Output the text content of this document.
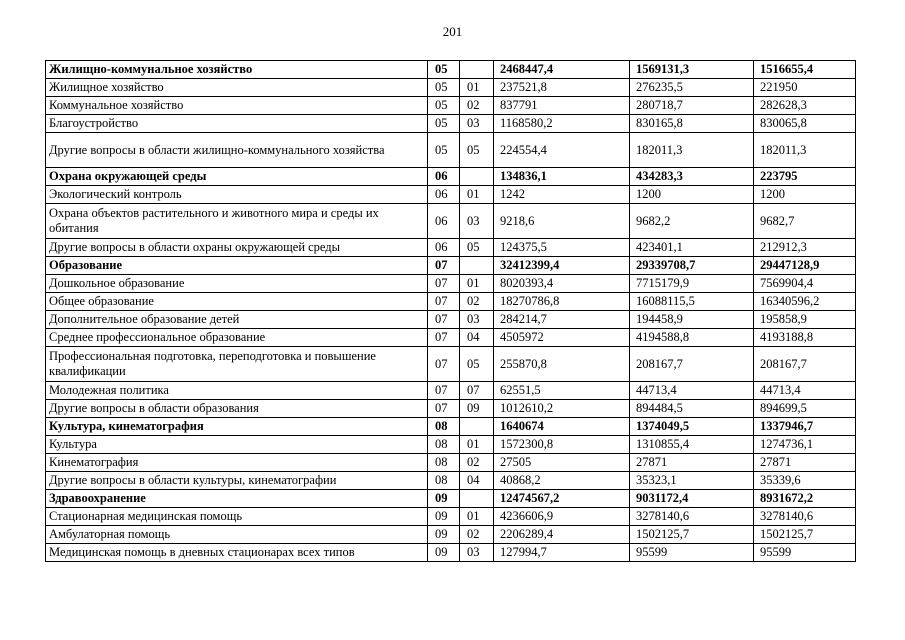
201
Жилищно-коммунальное хозяйство	05		2468447,4	1569131,3	1516655,4
Жилищное хозяйство	05	01	237521,8	276235,5	221950
Коммунальное хозяйство	05	02	837791	280718,7	282628,3
Благоустройство	05	03	1168580,2	830165,8	830065,8
Другие вопросы в области жилищно-коммунального хозяйства	05	05	224554,4	182011,3	182011,3
Охрана окружающей среды	06		134836,1	434283,3	223795
Экологический контроль	06	01	1242	1200	1200
Охрана объектов растительного и животного мира и среды их обитания	06	03	9218,6	9682,2	9682,7
Другие вопросы в области охраны окружающей среды	06	05	124375,5	423401,1	212912,3
Образование	07		32412399,4	29339708,7	29447128,9
Дошкольное образование	07	01	8020393,4	7715179,9	7569904,4
Общее образование	07	02	18270786,8	16088115,5	16340596,2
Дополнительное образование детей	07	03	284214,7	194458,9	195858,9
Среднее профессиональное образование	07	04	4505972	4194588,8	4193188,8
Профессиональная подготовка, переподготовка и повышение квалификации	07	05	255870,8	208167,7	208167,7
Молодежная политика	07	07	62551,5	44713,4	44713,4
Другие вопросы в области образования	07	09	1012610,2	894484,5	894699,5
Культура, кинематография	08		1640674	1374049,5	1337946,7
Культура	08	01	1572300,8	1310855,4	1274736,1
Кинематография	08	02	27505	27871	27871
Другие вопросы в области культуры, кинематографии	08	04	40868,2	35323,1	35339,6
Здравоохранение	09		12474567,2	9031172,4	8931672,2
Стационарная медицинская помощь	09	01	4236606,9	3278140,6	3278140,6
Амбулаторная помощь	09	02	2206289,4	1502125,7	1502125,7
Медицинская помощь в дневных стационарах всех типов	09	03	127994,7	95599	95599
